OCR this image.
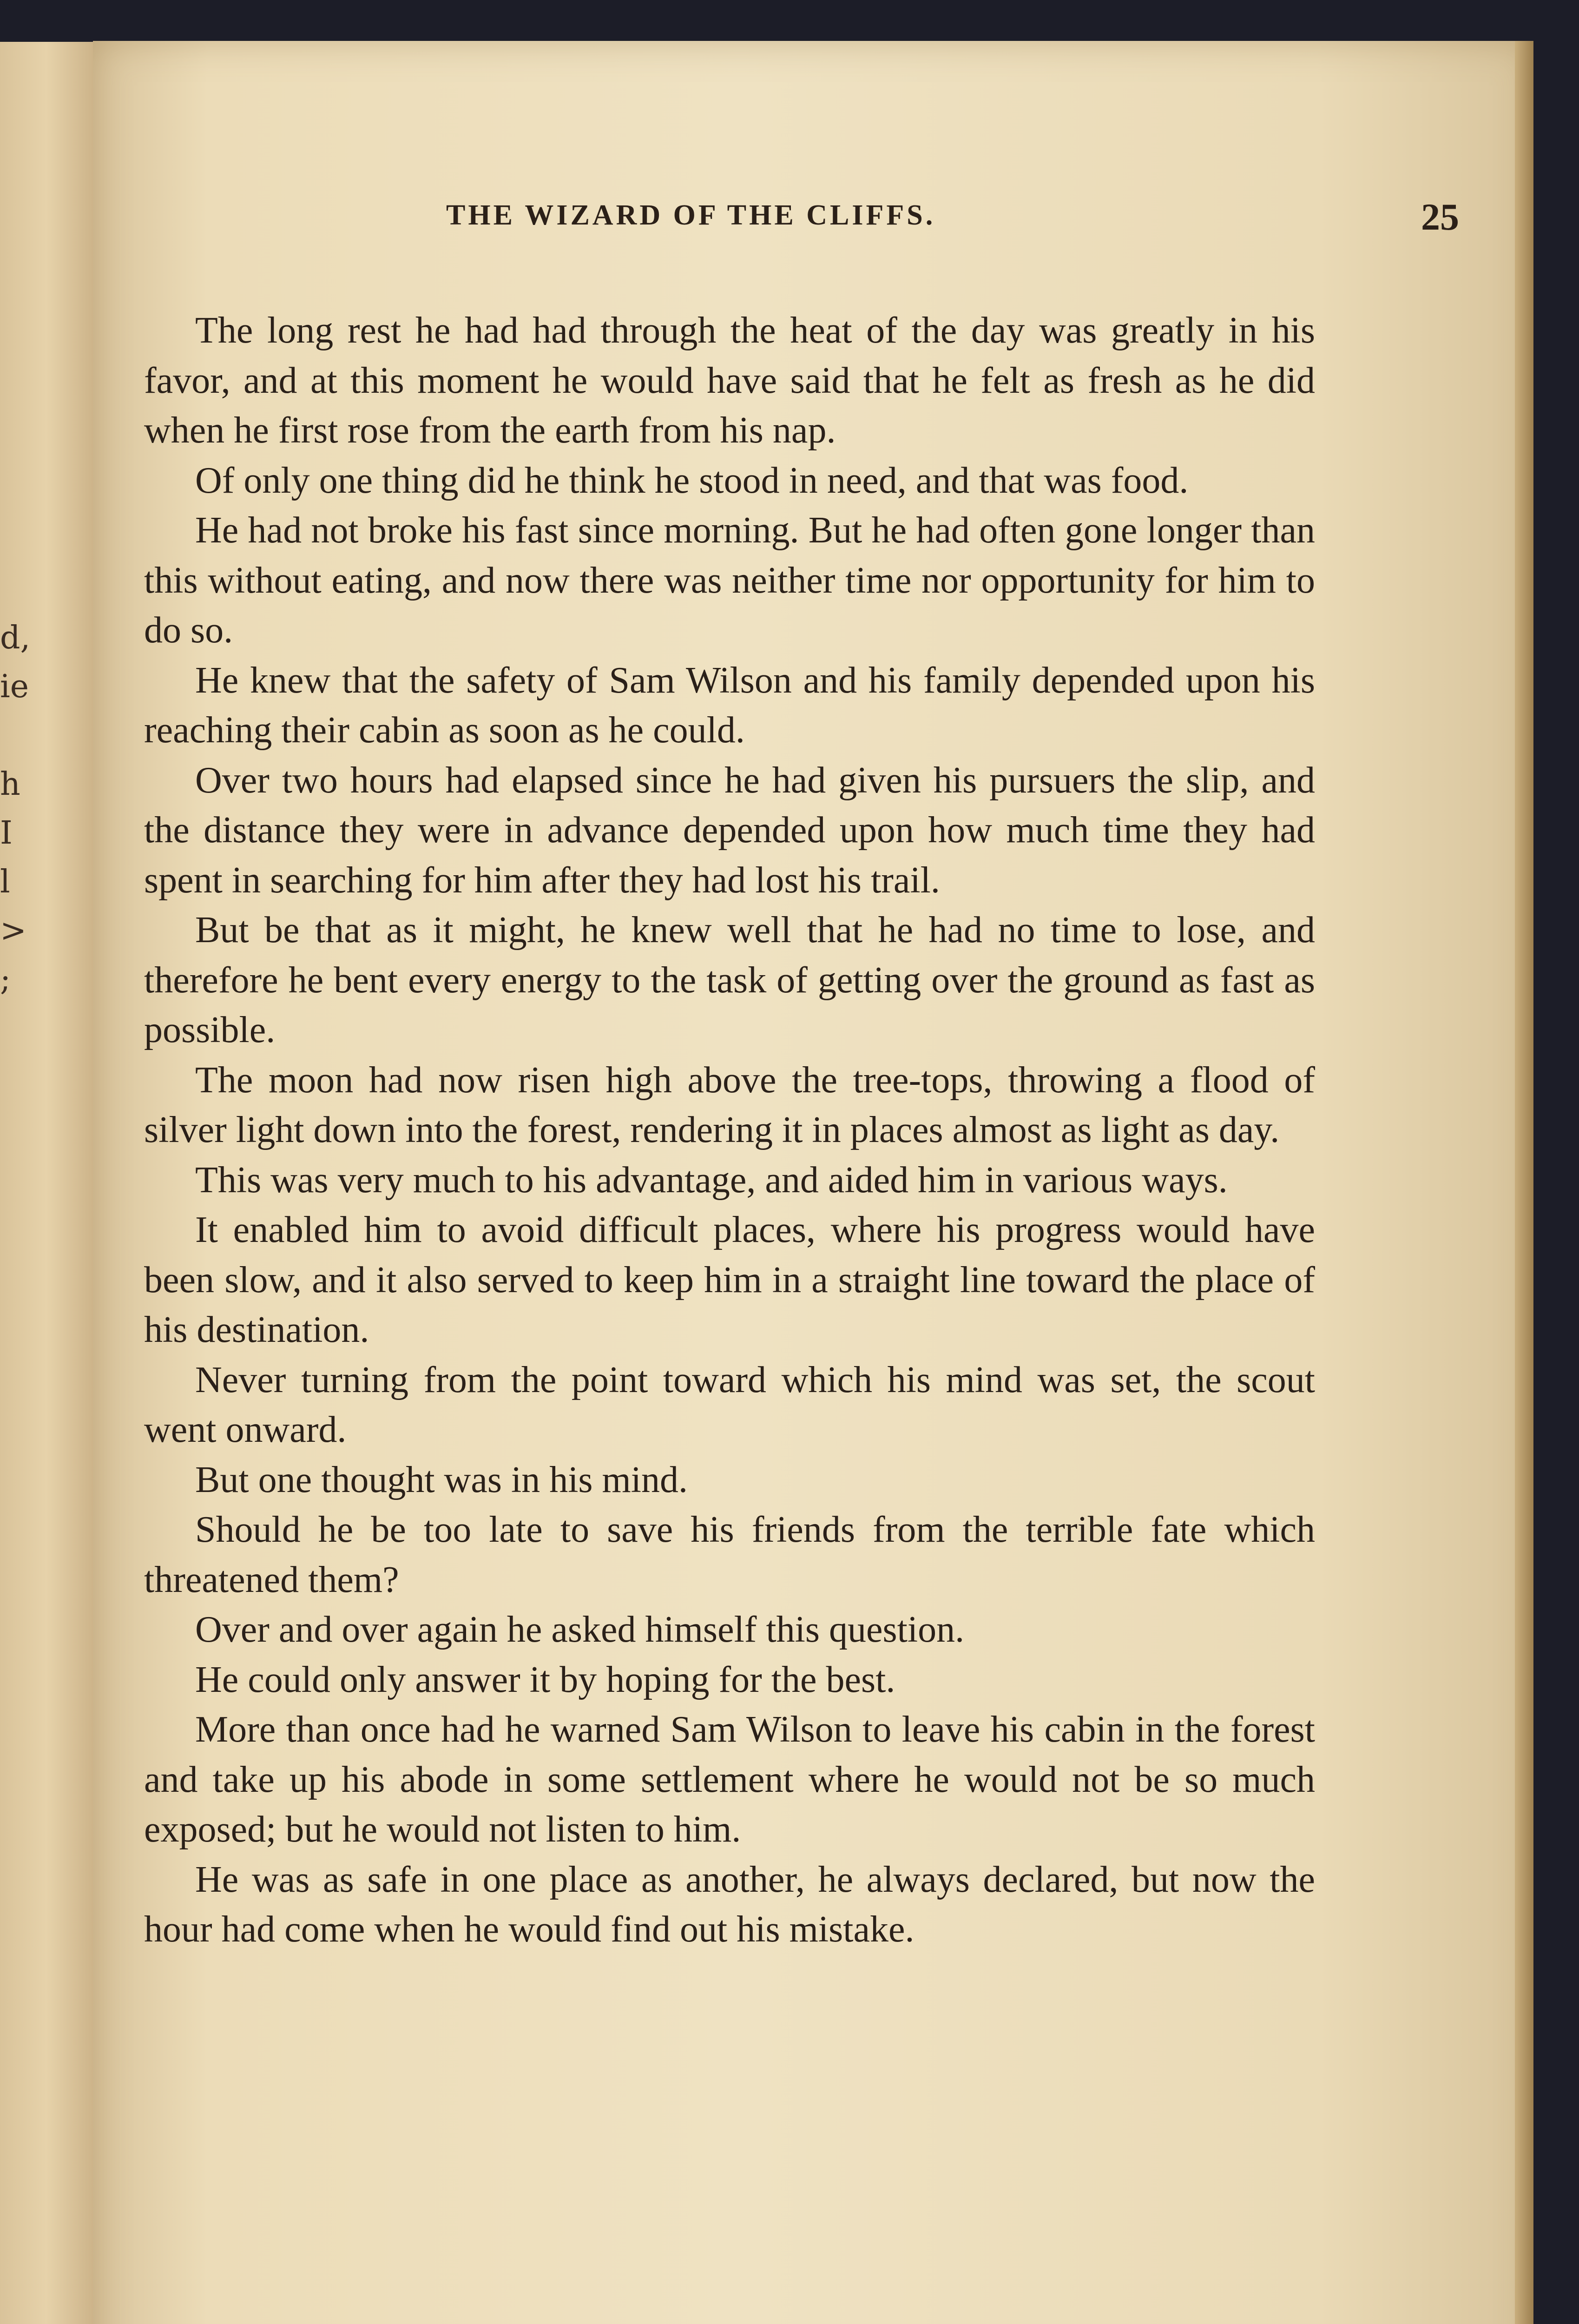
d,
ie
h
I
l
>
;
THE WIZARD OF THE CLIFFS.	25

The long rest he had had through the heat of the day was greatly in his favor, and at this moment he would have said that he felt as fresh as he did when he first rose from the earth from his nap.

Of only one thing did he think he stood in need, and that was food.

He had not broke his fast since morning. But he had often gone longer than this without eating, and now there was neither time nor opportunity for him to do so.

He knew that the safety of Sam Wilson and his family depended upon his reaching their cabin as soon as he could.

Over two hours had elapsed since he had given his pursuers the slip, and the distance they were in advance depended upon how much time they had spent in searching for him after they had lost his trail.

But be that as it might, he knew well that he had no time to lose, and therefore he bent every energy to the task of getting over the ground as fast as possible.

The moon had now risen high above the tree-tops, throwing a flood of silver light down into the forest, rendering it in places almost as light as day.

This was very much to his advantage, and aided him in various ways.

It enabled him to avoid difficult places, where his progress would have been slow, and it also served to keep him in a straight line toward the place of his destination.

Never turning from the point toward which his mind was set, the scout went onward.

But one thought was in his mind.

Should he be too late to save his friends from the terrible fate which threatened them?

Over and over again he asked himself this question.

He could only answer it by hoping for the best.

More than once had he warned Sam Wilson to leave his cabin in the forest and take up his abode in some settlement where he would not be so much exposed; but he would not listen to him.

He was as safe in one place as another, he always declared, but now the hour had come when he would find out his mistake.
